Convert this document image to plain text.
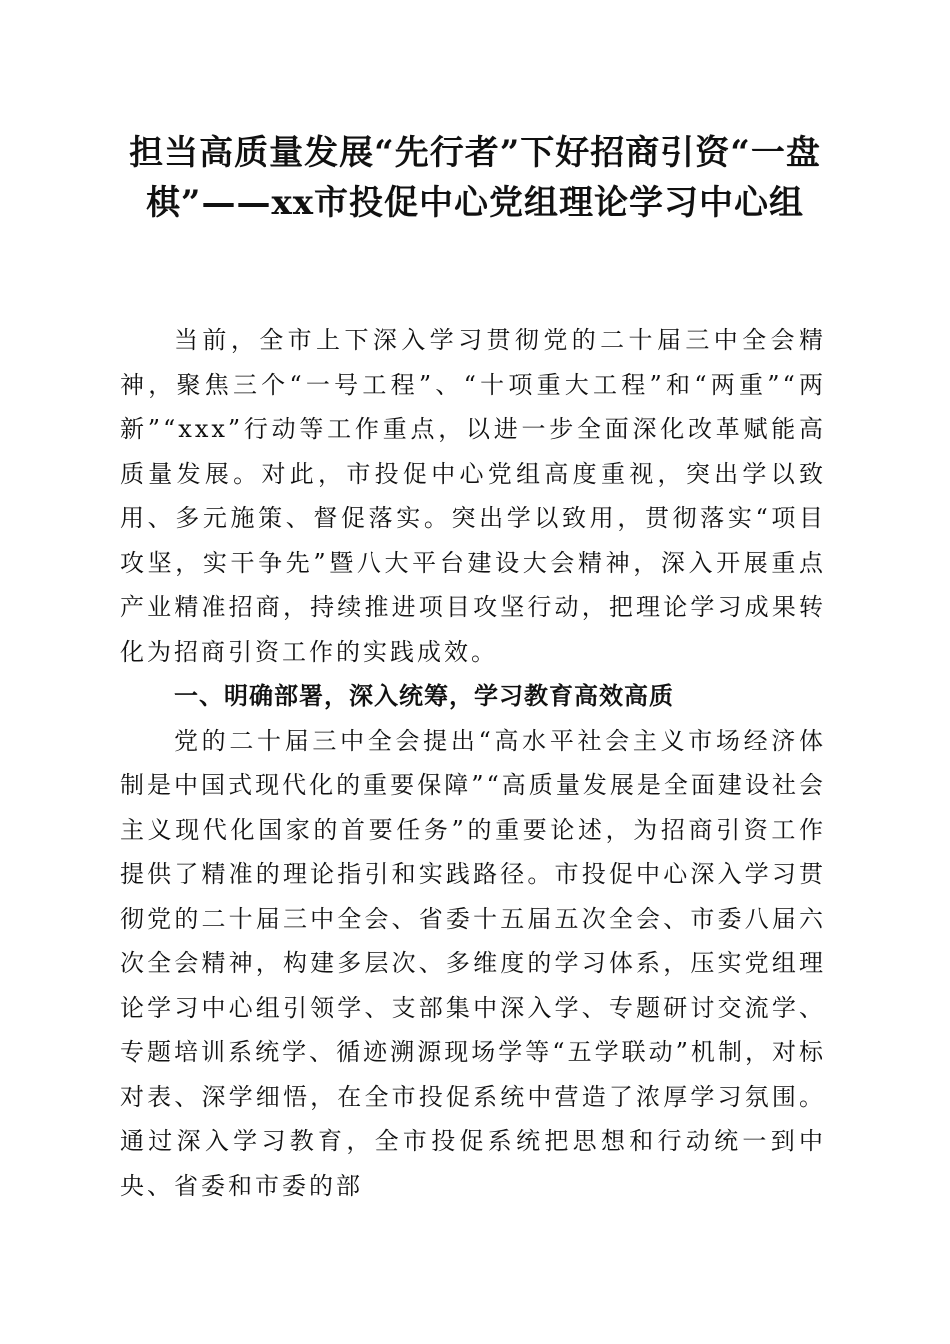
担当高质量发展“先行者”下好招商引资“一盘棋”——xx市投促中心党组理论学习中心组

当前，全市上下深入学习贯彻党的二十届三中全会精神，聚焦三个“一号工程”、“十项重大工程”和“两重”“两新”“xxx”行动等工作重点，以进一步全面深化改革赋能高质量发展。对此，市投促中心党组高度重视，突出学以致用、多元施策、督促落实。突出学以致用，贯彻落实“项目攻坚，实干争先”暨八大平台建设大会精神，深入开展重点产业精准招商，持续推进项目攻坚行动，把理论学习成果转化为招商引资工作的实践成效。

一、明确部署，深入统筹，学习教育高效高质

党的二十届三中全会提出“高水平社会主义市场经济体制是中国式现代化的重要保障”“高质量发展是全面建设社会主义现代化国家的首要任务”的重要论述，为招商引资工作提供了精准的理论指引和实践路径。市投促中心深入学习贯彻党的二十届三中全会、省委十五届五次全会、市委八届六次全会精神，构建多层次、多维度的学习体系，压实党组理论学习中心组引领学、支部集中深入学、专题研讨交流学、专题培训系统学、循迹溯源现场学等“五学联动”机制，对标对表、深学细悟，在全市投促系统中营造了浓厚学习氛围。通过深入学习教育，全市投促系统把思想和行动统一到中央、省委和市委的部
